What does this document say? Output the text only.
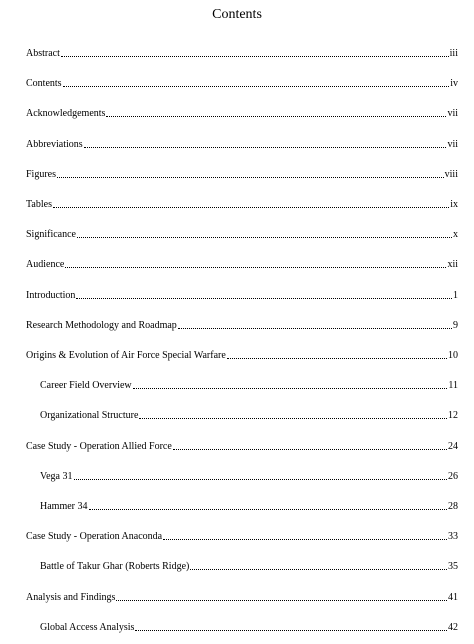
Contents
Abstract	iii
Contents	iv
Acknowledgements	vii
Abbreviations	vii
Figures	viii
Tables	ix
Significance	x
Audience	xii
Introduction	1
Research Methodology and Roadmap	9
Origins & Evolution of Air Force Special Warfare	10
Career Field Overview	11
Organizational Structure	12
Case Study - Operation Allied Force	24
Vega 31	26
Hammer 34	28
Case Study - Operation Anaconda	33
Battle of Takur Ghar (Roberts Ridge)	35
Analysis and Findings	41
Global Access Analysis	42
